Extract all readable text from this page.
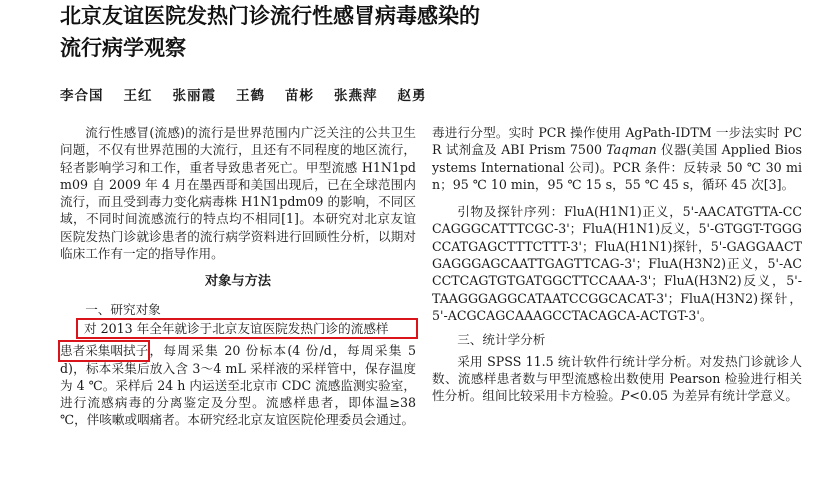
北京友谊医院发热门诊流行性感冒病毒感染的
流行病学观察
李合国 王红 张丽霞 王鹤 苗彬 张燕萍 赵勇

流行性感冒(流感)的流行是世界范围内广泛关注的公共卫生问题，不仅有世界范围的大流行，且还有不同程度的地区流行，轻者影响学习和工作，重者导致患者死亡。甲型流感 H1N1pdm09 自 2009 年 4 月在墨西哥和美国出现后，已在全球范围内流行，而且受到毒力变化病毒株 H1N1pdm09 的影响，不同区域，不同时间流感流行的特点均不相同[1]。本研究对北京友谊医院发热门诊就诊患者的流行病学资料进行回顾性分析，以期对临床工作有一定的指导作用。

对象与方法

一、研究对象

对 2013 年全年就诊于北京友谊医院发热门诊的流感样

患者采集咽拭子，每周采集 20 份标本(4 份/d，每周采集 5 d)，标本采集后放入含 3～4 mL 采样液的采样管中，保存温度为 4 ℃。采样后 24 h 内运送至北京市 CDC 流感监测实验室，进行流感病毒的分离鉴定及分型。流感样患者，即体温≥38 ℃，伴咳嗽或咽痛者。本研究经北京友谊医院伦理委员会通过。

毒进行分型。实时 PCR 操作使用 AgPath-IDTM 一步法实时 PCR 试剂盒及 ABI Prism 7500 Taqman 仪器(美国 Applied Biosystems International 公司)。PCR 条件：反转录 50 ℃ 30 min；95 ℃ 10 min，95 ℃ 15 s，55 ℃ 45 s，循环 45 次[3]。

引物及探针序列：FluA(H1N1)正义，5'-AACATGTTA-CCCAGGGCATTTCGC-3'；FluA(H1N1)反义，5'-GTGGT-TGGGCCATGAGCTTTCTTT-3'；FluA(H1N1)探针，5'-GAGGAACTGAGGGAGCAATTGAGTTCAG-3'；FluA(H3N2)正义，5'-ACCCTCAGTGTGATGGCTTCCAAA-3'；FluA(H3N2)反义，5'-TAAGGGAGGCATAATCCGGCACAT-3'；FluA(H3N2)探针，5'-ACGCAGCAAAGCCTACAGCA-ACTGT-3'。

三、统计学分析

采用 SPSS 11.5 统计软件行统计学分析。对发热门诊就诊人数、流感样患者数与甲型流感检出数使用 Pearson 检验进行相关性分析。组间比较采用卡方检验。P<0.05 为差异有统计学意义。
